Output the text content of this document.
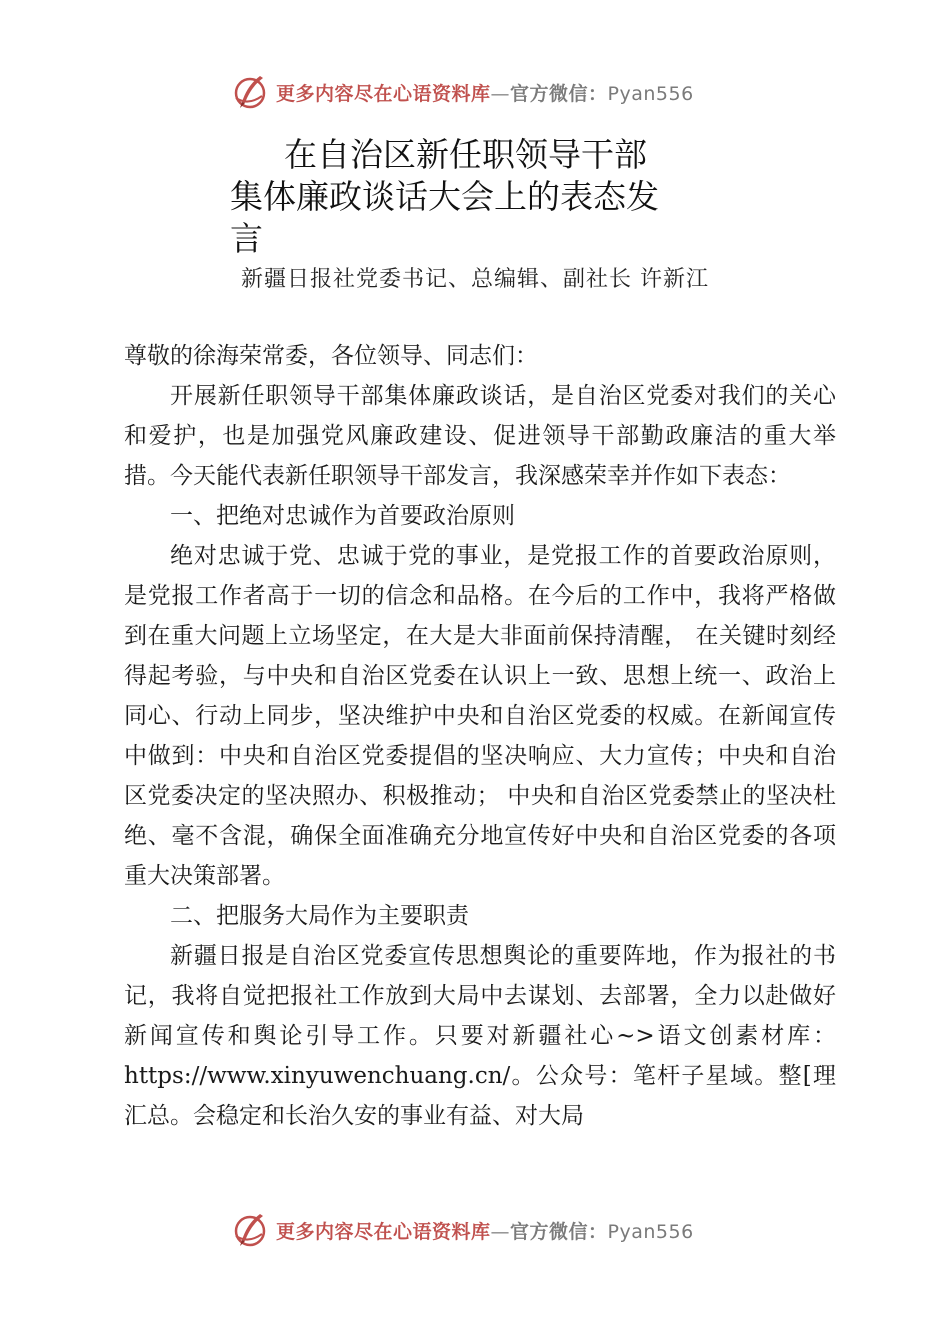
更多内容尽在心语资料库—官方微信：Pyan556
在自治区新任职领导干部
集体廉政谈话大会上的表态发
言
新疆日报社党委书记、总编辑、副社长 许新江

尊敬的徐海荣常委，各位领导、同志们：

开展新任职领导干部集体廉政谈话，是自治区党委对我们的关心和爱护，也是加强党风廉政建设、促进领导干部勤政廉洁的重大举措。今天能代表新任职领导干部发言，我深感荣幸并作如下表态：

一、把绝对忠诚作为首要政治原则

绝对忠诚于党、忠诚于党的事业，是党报工作的首要政治原则，是党报工作者高于一切的信念和品格。在今后的工作中，我将严格做到在重大问题上立场坚定，在大是大非面前保持清醒， 在关键时刻经得起考验，与中央和自治区党委在认识上一致、思想上统一、政治上同心、行动上同步，坚决维护中央和自治区党委的权威。在新闻宣传中做到：中央和自治区党委提倡的坚决响应、大力宣传；中央和自治区党委决定的坚决照办、积极推动； 中央和自治区党委禁止的坚决杜绝、毫不含混，确保全面准确充分地宣传好中央和自治区党委的各项重大决策部署。

二、把服务大局作为主要职责

新疆日报是自治区党委宣传思想舆论的重要阵地，作为报社的书记，我将自觉把报社工作放到大局中去谋划、去部署，全力以赴做好新闻宣传和舆论引导工作。只要对新疆社心~>语文创素材库：https://www.xinyuwenchuang.cn/。公众号：笔杆子星域。整[理汇总。会稳定和长治久安的事业有益、对大局

更多内容尽在心语资料库—官方微信：Pyan556
